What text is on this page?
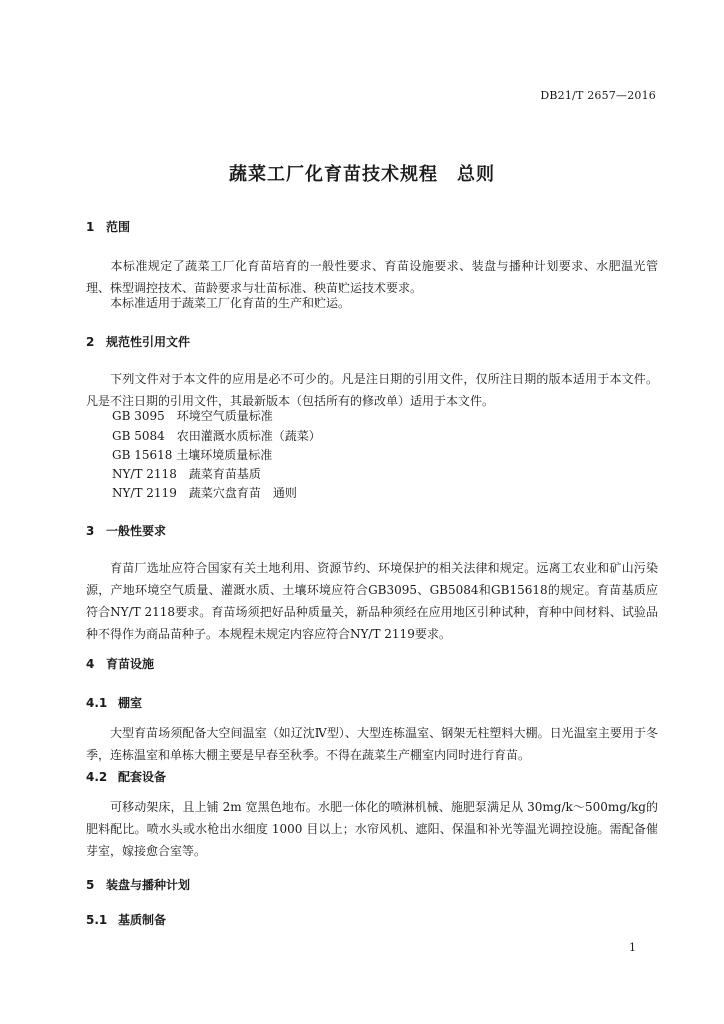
DB21/T 2657—2016
蔬菜工厂化育苗技术规程　总则
1 范围

本标准规定了蔬菜工厂化育苗培育的一般性要求、育苗设施要求、装盘与播种计划要求、水肥温光管理、株型调控技术、苗龄要求与壮苗标准、秧苗贮运技术要求。

本标准适用于蔬菜工厂化育苗的生产和贮运。

2 规范性引用文件

下列文件对于本文件的应用是必不可少的。凡是注日期的引用文件，仅所注日期的版本适用于本文件。凡是不注日期的引用文件，其最新版本（包括所有的修改单）适用于本文件。

GB 3095　环境空气质量标准
GB 5084　农田灌溉水质标准（蔬菜）
GB 15618 土壤环境质量标准
NY/T 2118　蔬菜育苗基质
NY/T 2119　蔬菜穴盘育苗　通则
3 一般性要求

育苗厂选址应符合国家有关土地利用、资源节约、环境保护的相关法律和规定。远离工农业和矿山污染源，产地环境空气质量、灌溉水质、土壤环境应符合GB3095、GB5084和GB15618的规定。育苗基质应符合NY/T 2118要求。育苗场须把好品种质量关，新品种须经在应用地区引种试种，育种中间材料、试验品种不得作为商品苗种子。本规程未规定内容应符合NY/T 2119要求。

4 育苗设施
4.1 棚室

大型育苗场须配备大空间温室（如辽沈Ⅳ型）、大型连栋温室、钢架无柱塑料大棚。日光温室主要用于冬季，连栋温室和单栋大棚主要是早春至秋季。不得在蔬菜生产棚室内同时进行育苗。

4.2 配套设备

可移动架床，且上铺 2m 宽黑色地布。水肥一体化的喷淋机械、施肥泵满足从 30mg/k～500mg/kg的肥料配比。喷水头或水枪出水细度 1000 目以上；水帘风机、遮阳、保温和补光等温光调控设施。需配备催芽室，嫁接愈合室等。

5 装盘与播种计划
5.1 基质制备
1
